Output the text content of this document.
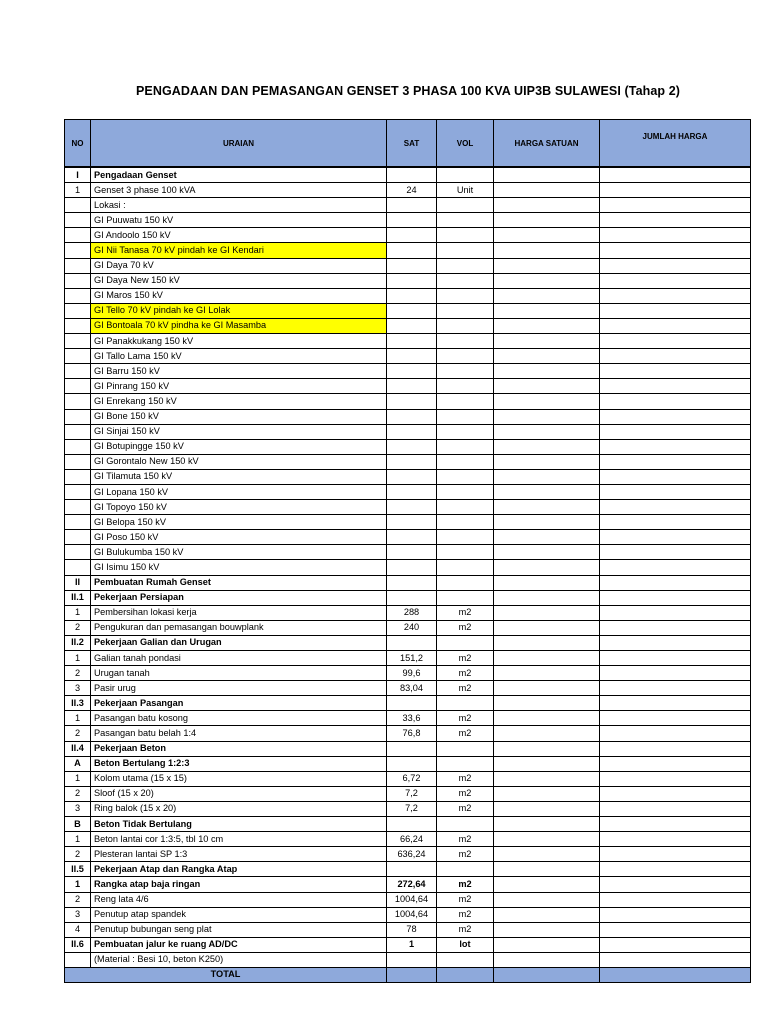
PENGADAAN DAN PEMASANGAN GENSET 3 PHASA 100 KVA UIP3B SULAWESI (Tahap 2)
NO	URAIAN	SAT	VOL	HARGA SATUAN	JUMLAH HARGA
I	Pengadaan Genset				
1	Genset 3 phase 100 kVA	24	Unit		
	Lokasi :				
	GI Puuwatu 150 kV				
	GI Andoolo 150 kV				
	GI Nii Tanasa 70 kV pindah ke GI Kendari				
	GI Daya 70 kV				
	GI Daya New 150 kV				
	GI Maros 150 kV				
	GI Tello 70 kV pindah ke GI Lolak				
	GI Bontoala 70 kV pindha ke GI Masamba				
	GI Panakkukang 150 kV				
	GI Tallo Lama 150 kV				
	GI Barru 150 kV				
	GI Pinrang 150 kV				
	GI Enrekang 150 kV				
	GI Bone 150 kV				
	GI Sinjai 150 kV				
	GI Botupingge 150 kV				
	GI Gorontalo New 150 kV				
	GI Tilamuta 150 kV				
	GI Lopana 150 kV				
	GI Topoyo 150 kV				
	GI Belopa 150 kV				
	GI Poso 150 kV				
	GI Bulukumba 150 kV				
	GI Isimu 150 kV				
II	Pembuatan Rumah Genset				
II.1	Pekerjaan Persiapan				
1	Pembersihan lokasi kerja	288	m2		
2	Pengukuran dan pemasangan bouwplank	240	m2		
II.2	Pekerjaan Galian dan Urugan				
1	Galian tanah pondasi	151,2	m2		
2	Urugan tanah	99,6	m2		
3	Pasir urug	83,04	m2		
II.3	Pekerjaan Pasangan				
1	Pasangan batu kosong	33,6	m2		
2	Pasangan batu belah 1:4	76,8	m2		
II.4	Pekerjaan Beton				
A	Beton Bertulang 1:2:3				
1	Kolom utama (15 x 15)	6,72	m2		
2	Sloof (15 x 20)	7,2	m2		
3	Ring balok (15 x 20)	7,2	m2		
B	Beton Tidak Bertulang				
1	Beton lantai cor 1:3:5, tbl 10 cm	66,24	m2		
2	Plesteran lantai SP 1:3	636,24	m2		
II.5	Pekerjaan Atap dan Rangka Atap				
1	Rangka atap baja ringan	272,64	m2		
2	Reng lata 4/6	1004,64	m2		
3	Penutup atap spandek	1004,64	m2		
4	Penutup bubungan seng plat	78	m2		
II.6	Pembuatan jalur ke ruang AD/DC	1	lot		
	(Material : Besi 10, beton K250)				
TOTAL					
